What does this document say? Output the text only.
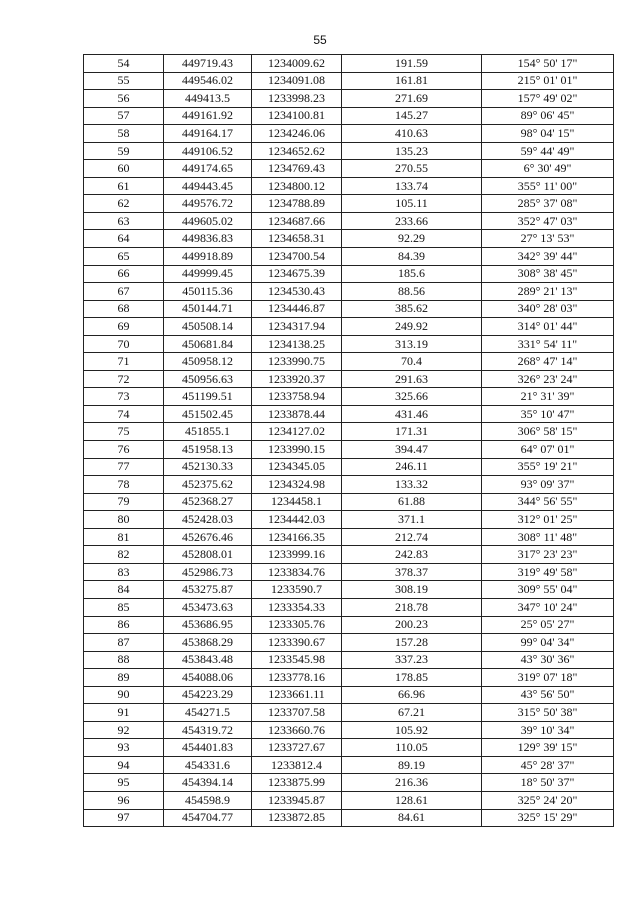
55
54	449719.43	1234009.62	191.59	154° 50' 17"
55	449546.02	1234091.08	161.81	215° 01' 01"
56	449413.5	1233998.23	271.69	157° 49' 02"
57	449161.92	1234100.81	145.27	89° 06' 45"
58	449164.17	1234246.06	410.63	98° 04' 15"
59	449106.52	1234652.62	135.23	59° 44' 49"
60	449174.65	1234769.43	270.55	6° 30' 49"
61	449443.45	1234800.12	133.74	355° 11' 00"
62	449576.72	1234788.89	105.11	285° 37' 08"
63	449605.02	1234687.66	233.66	352° 47' 03"
64	449836.83	1234658.31	92.29	27° 13' 53"
65	449918.89	1234700.54	84.39	342° 39' 44"
66	449999.45	1234675.39	185.6	308° 38' 45"
67	450115.36	1234530.43	88.56	289° 21' 13"
68	450144.71	1234446.87	385.62	340° 28' 03"
69	450508.14	1234317.94	249.92	314° 01' 44"
70	450681.84	1234138.25	313.19	331° 54' 11"
71	450958.12	1233990.75	70.4	268° 47' 14"
72	450956.63	1233920.37	291.63	326° 23' 24"
73	451199.51	1233758.94	325.66	21° 31' 39"
74	451502.45	1233878.44	431.46	35° 10' 47"
75	451855.1	1234127.02	171.31	306° 58' 15"
76	451958.13	1233990.15	394.47	64° 07' 01"
77	452130.33	1234345.05	246.11	355° 19' 21"
78	452375.62	1234324.98	133.32	93° 09' 37"
79	452368.27	1234458.1	61.88	344° 56' 55"
80	452428.03	1234442.03	371.1	312° 01' 25"
81	452676.46	1234166.35	212.74	308° 11' 48"
82	452808.01	1233999.16	242.83	317° 23' 23"
83	452986.73	1233834.76	378.37	319° 49' 58"
84	453275.87	1233590.7	308.19	309° 55' 04"
85	453473.63	1233354.33	218.78	347° 10' 24"
86	453686.95	1233305.76	200.23	25° 05' 27"
87	453868.29	1233390.67	157.28	99° 04' 34"
88	453843.48	1233545.98	337.23	43° 30' 36"
89	454088.06	1233778.16	178.85	319° 07' 18"
90	454223.29	1233661.11	66.96	43° 56' 50"
91	454271.5	1233707.58	67.21	315° 50' 38"
92	454319.72	1233660.76	105.92	39° 10' 34"
93	454401.83	1233727.67	110.05	129° 39' 15"
94	454331.6	1233812.4	89.19	45° 28' 37"
95	454394.14	1233875.99	216.36	18° 50' 37"
96	454598.9	1233945.87	128.61	325° 24' 20"
97	454704.77	1233872.85	84.61	325° 15' 29"
